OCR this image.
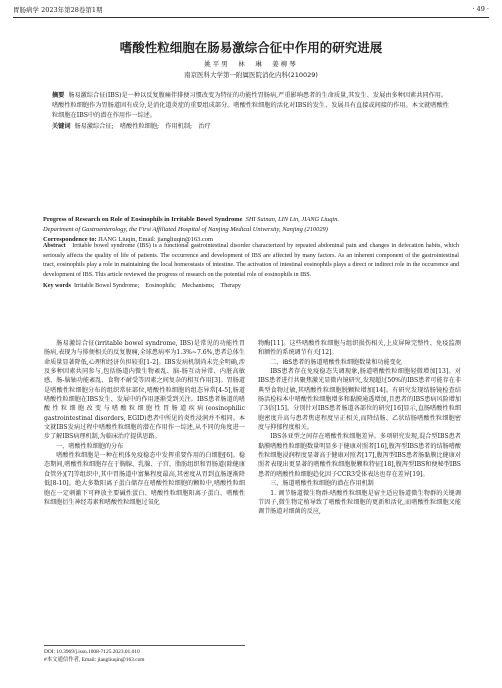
胃肠病学 2023年第28卷第1期	· 49 ·
嗜酸性粒细胞在肠易激综合征中作用的研究进展
姚平男　林　琳　姜柳琴
南京医科大学第一附属医院消化内科(210029)
摘要 肠易激综合征(IBS)是一种以反复腹痛伴排便习惯改变为特征的功能性胃肠病,严重影响患者的生命质量,其发生、发展由多种因素共同作用。嗜酸性粒细胞作为胃肠道固有成分,是消化道炎症的重要组成部分。嗜酸性粒细胞的活化对IBS的发生、发展具有直接或间接的作用。本文就嗜酸性粒细胞在IBS中的潜在作用作一综述。
关键词 肠易激综合征;　嗜酸性粒细胞;　作用机制;　治疗
Progress of Research on Role of Eosinophils in Irritable Bowel Syndrome SHI Suinan, LIN Lin, JIANG Liuqin.
Department of Gastroenterology, the First Affiliated Hospital of Nanjing Medical University, Nanjing (210029)
Correspondence to: JIANG Liuqin, Email: jiangliuqin@163.com
Abstract Irritable bowel syndrome (IBS) is a functional gastrointestinal disorder characterized by repeated abdominal pain and changes in defecation habits, which seriously affects the quality of life of patients. The occurrence and development of IBS are affected by many factors. As an inherent component of the gastrointestinal tract, eosinophils play a role in maintaining the local homeostasis of intestine. The activation of intestinal eosinophils plays a direct or indirect role in the occurrence and development of IBS. This article reviewed the progress of research on the potential role of eosinophils in IBS.
Key words Irritable Bowel Syndrome;　Eosinophils;　Mechanisms;　Therapy
肠易激综合征(irritable bowel syndrome, IBS)是常见的功能性胃肠病,表现为与排便相关的反复腹痛,全球患病率为1.3%~7.6%,患者总体生命质量显著降低,心理和经济负担较重[1-2]。IBS发病机制尚未完全明确,涉及多种因素共同参与,包括肠道内微生物紊乱、脑-肠互动异常、内脏高敏感、肠-脑轴功能紊乱、食物不耐受等因素之间复杂的相互作用[3]。胃肠道是嗜酸性粒细胞分布的组织常驻部位,嗜酸性粒细胞的组态异常[4-5],肠道嗜酸性粒细胞在IBS发生、发展中的作用逐渐受到关注。IBS患者肠道的嗜酸性粒细胞改变与嗜酸粒细胞性胃肠道疾病(eosinophilic gastrointestinal disorders, EGID)患者中所见的炎性浸润并不相同。本文就IBS发病过程中嗜酸性粒细胞的潜在作用作一综述,从不同的角度进一步了解IBS病理机制,为临床治疗提供思路。
一、嗜酸性粒细胞的分布
嗜酸性粒细胞是一种在机体免疫稳态中发挥重要作用的白细胞[6]。稳态期间,嗜酸性粒细胞存在于胸腺、乳腺、子宫、脂肪组织和胃肠道(除健康食管外)[7]等组织中,其中胃肠道中富集程度最高,其密度从胃到直肠逐渐降低[8-10]。绝大多数阳离子蛋白储存在嗜酸性粒细胞的颗粒中,嗜酸性粒细胞在一定刺激下可释放主要碱性蛋白、嗜酸性粒细胞阳离子蛋白、嗜酸性粒细胞衍生神经毒素和嗜酸性粒细胞过氧化
DOI: 10.3969/j.issn.1008-7125.2023.01.010
#本文通信作者, Email: jiangliuqin@163.com
物酶[11]。这些嗜酸性粒细胞与组织损伤相关,上皮屏障完整性、免疫监测和额性的系统调节有关[12]。
二、IBS患者的肠道嗜酸性粒细胞数量和功能变化
IBS患者存在免疫稳态失调现象,肠道嗜酸性粒细胞轻微增加[13]。对IBS患者进行共聚焦激光显微内镜研究,发现超过50%的IBS患者可能存在非典型食物过敏,其嗜酸性粒细胞脱颗粒增加[14]。有研究发现结肠镜检查结肠活检标本中嗜酸性粒细胞增多和黏膜通透增加,且患者的IBS患病风险增加了3倍[15]。分别针对IBS患者肠道各部位的研究[16]显示,直肠嗜酸性粒细胞密度升高与患者焦虑程度呈正相关,而降结肠、乙状结肠嗜酸性粒细胞密度与抑郁程度相关。
IBS各亚型之间存在嗜酸性粒细胞差异。多项研究发现,混合型IBS患者黏膜嗜酸性粒细胞数量明显多于健康对照者[16],腹泻型IBS患者的结肠嗜酸性粒细胞浸润程度显著高于健康对照者[17],腹泻型IBS患者肠黏膜比健康对照者表现出更显著的嗜酸性粒细胞脱颗粒特征[18],腹泻型IBS和便秘型IBS患者的嗜酸性粒细胞趋化因子CCR3受体表达也存在差异[19]。
三、肠道嗜酸性粒细胞的潜在作用机制
1. 调节肠道微生物群:嗜酸性粒细胞是宿主适应肠道微生物群的关键调节因子,微生物定植导致了嗜酸性粒细胞的更新和活化,而嗜酸性粒细胞又能调节肠道对细菌的反应,
